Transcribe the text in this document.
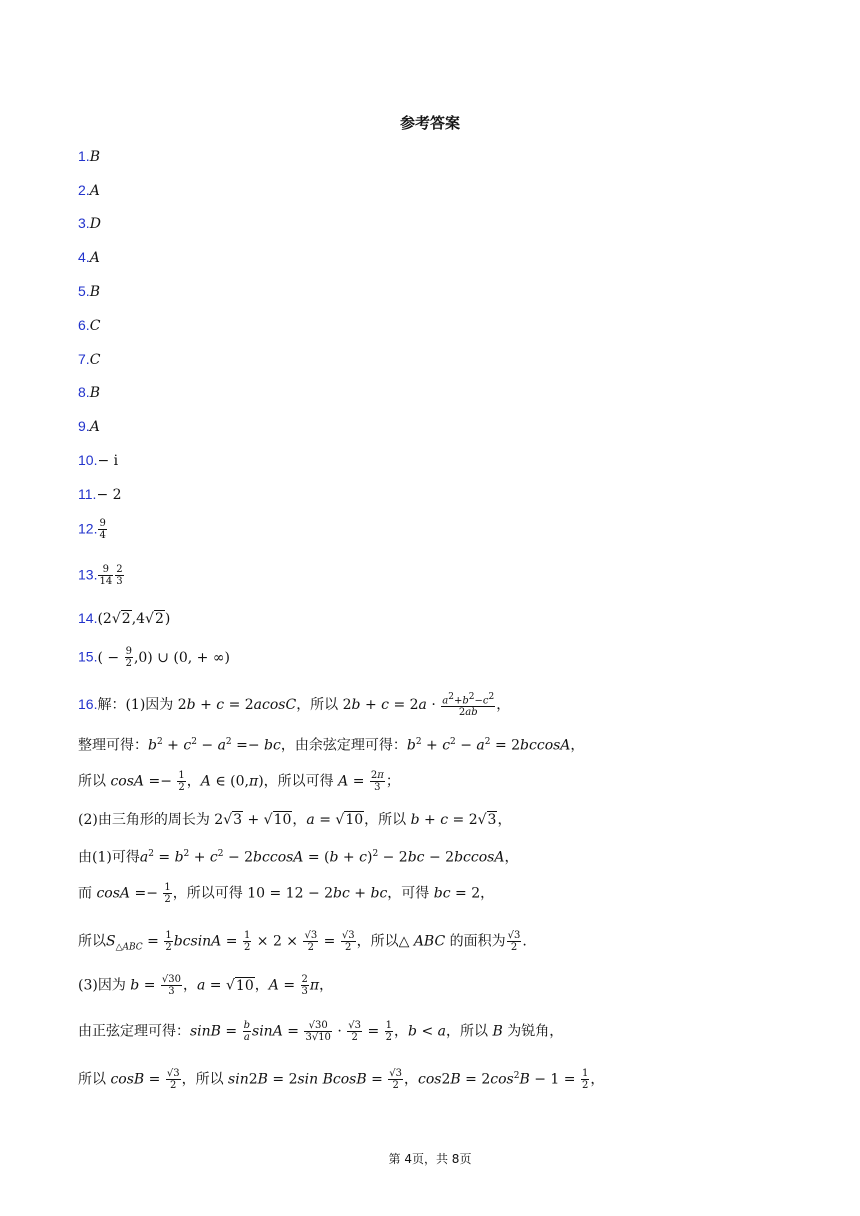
参考答案
1.B
2.A
3.D
4.A
5.B
6.C
7.C
8.B
9.A
10.− i
11.− 2
12. $\frac{9}{4}$
13. $\frac{9}{14} \frac{2}{3}$
14.(2√2,4√2)
$15.( - \frac{9}{2} ,0)$ ∪ (0, + ∞)
16.解：(1)因为 2b + c = 2acosC，所以 $2b + c = 2a \cdot \frac{a2+b2-c2}{2ab}$ ，
整理可得：$b^2 + c^2 - a^2$ =− bc，由余弦定理可得：$b^2 + c^2 - a^2 = 2bccosA$，
所以 $\cos A =- \frac{1}{2}$ ，A ∈ (0,π)，所以可得 $A = \frac{2\pi}{3}$ ；
(2)由三角形的周长为 2√3 + √10，a = √10，所以 b + c = 2√3，
由(1)可得$a^2 = b^2 + c^2 - 2bccosA = (b + c)^2 - 2bc - 2bccosA$，
而 $\cos A =- \frac{1}{2}$ ，所以可得 10 = 12 − 2bc + bc，可得 bc = 2，
所以$S_{\triangle ABC} = \frac{1}{2}$ $bcsinA = \frac{1}{2} \times 2 \times \frac{√3}{2} = \frac{√3}{2}$ ，所以△ ABC 的面积为 $\frac{√3}{2}$ .
(3)因为 $b = \frac{√30}{3}$ ，a = √10，$A = \frac{2}{3}$ π，
由正弦定理可得：$\sin B = \frac{b}{a}$ $\sin A = \frac{√30}{3√10} \cdot \frac{√3}{2} = \frac{1}{2}$ ，b < a，所以 B 为锐角，
所以 $\cos B = \frac{√3}{2}$ ，所以 sin2B = 2sin $BcosB = \frac{√3}{2}$ ，$\cos 2B = 2\cos^2B - 1 = \frac{1}{2}$ ，
第 4页，共 8页
